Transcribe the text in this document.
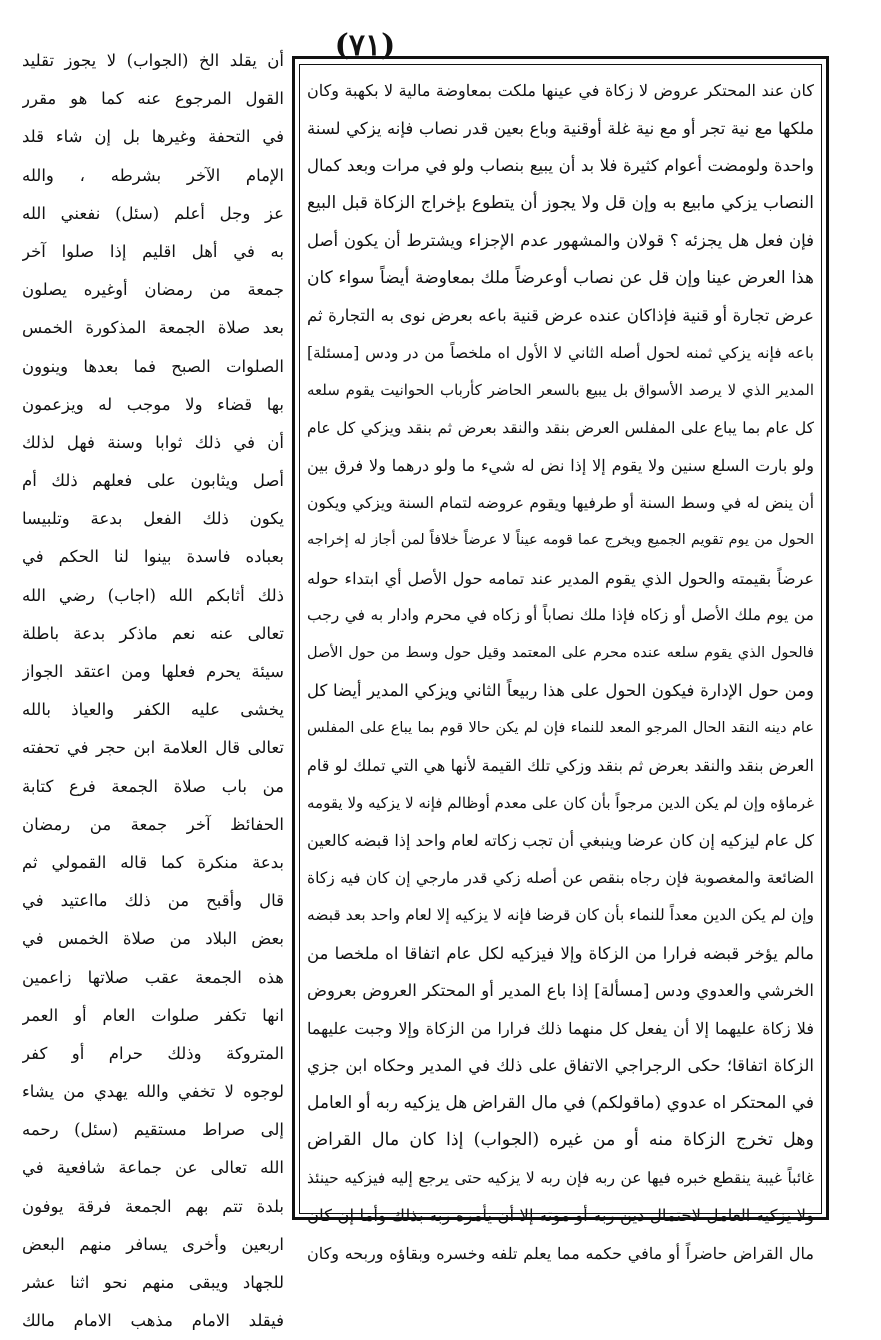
(٧١)
كان عند المحتكر عروض لا زكاة في عينها ملكت بمعاوضة مالية لا بكهبة وكان
ملكها مع نية تجر أو مع نية غلة أوقنية وباع بعين قدر نصاب فإنه يزكي لسنة
واحدة ولومضت أعوام كثيرة فلا بد أن يبيع بنصاب ولو في مرات وبعد كمال
النصاب يزكي مابيع به وإن قل ولا يجوز أن يتطوع بإخراج الزكاة قبل البيع
فإن فعل هل يجزئه ؟ قولان والمشهور عدم الإجزاء ويشترط أن يكون أصل
هذا العرض عينا وإن قل عن نصاب أوعرضاً ملك بمعاوضة أيضاً سواء كان
عرض تجارة أو قنية فإذاكان عنده عرض قنية باعه بعرض نوى به التجارة ثم
باعه فإنه يزكي ثمنه لحول أصله الثاني لا الأول اه ملخصاً من در ودس [مسئلة]
المدير الذي لا يرصد الأسواق بل يبيع بالسعر الحاضر كأرباب الحوانيت يقوم سلعه
كل عام بما يباع على المفلس العرض بنقد والنقد بعرض ثم بنقد ويزكي كل عام
ولو بارت السلع سنين ولا يقوم إلا إذا نض له شيء ما ولو درهما ولا فرق بين
أن ينض له في وسط السنة أو طرفيها ويقوم عروضه لتمام السنة ويزكي ويكون
الحول من يوم تقويم الجميع ويخرج عما قومه عيناً لا عرضاً خلافاً لمن أجاز له إخراجه
عرضاً بقيمته والحول الذي يقوم المدير عند تمامه حول الأصل أي ابتداء حوله
من يوم ملك الأصل أو زكاه فإذا ملك نصاباً أو زكاه في محرم وادار به في رجب
فالحول الذي يقوم سلعه عنده محرم على المعتمد وقيل حول وسط من حول الأصل
ومن حول الإدارة فيكون الحول على هذا ربيعاً الثاني ويزكي المدير أيضا كل
عام دينه النقد الحال المرجو المعد للنماء فإن لم يكن حالا قوم بما يباع على المفلس
العرض بنقد والنقد بعرض ثم بنقد وزكي تلك القيمة لأنها هي التي تملك لو قام
غرماؤه وإن لم يكن الدين مرجواً بأن كان على معدم أوظالم فإنه لا يزكيه ولا يقومه
كل عام ليزكيه إن كان عرضا وينبغي أن تجب زكاته لعام واحد إذا قبضه كالعين
الضائعة والمغصوبة فإن رجاه بنقص عن أصله زكي قدر مارجي إن كان فيه زكاة
وإن لم يكن الدين معداً للنماء بأن كان قرضا فإنه لا يزكيه إلا لعام واحد بعد قبضه
مالم يؤخر قبضه فرارا من الزكاة وإلا فيزكيه لكل عام اتفاقا اه ملخصا من
الخرشي والعدوي ودس [مسألة] إذا باع المدير أو المحتكر العروض بعروض
فلا زكاة عليهما إلا أن يفعل كل منهما ذلك فرارا من الزكاة وإلا وجبت عليهما
الزكاة اتفاقا؛ حكى الرجراجي الاتفاق على ذلك في المدير وحكاه ابن جزي
في المحتكر اه عدوي (ماقولكم) في مال القراض هل يزكيه ربه أو العامل
وهل تخرج الزكاة منه أو من غيره (الجواب) إذا كان مال القراض
غائباً غيبة ينقطع خبره فيها عن ربه فإن ربه لا يزكيه حتى يرجع إليه فيزكيه حينئذ
ولا يزكيه العامل لاحتمال دين ربه أو موته إلا أن يأمره ربه بذلك وأما إن كان
مال القراض حاضراً أو مافي حكمه مما يعلم تلفه وخسره وبقاؤه وربحه وكان
أن يقلد الخ (الجواب) لا يجوز تقليد
القول المرجوع عنه كما هو مقرر
في التحفة وغيرها بل إن شاء قلد
الإمام الآخر بشرطه ، والله
عز وجل أعلم (سئل) نفعني الله
به في أهل اقليم إذا صلوا آخر
جمعة من رمضان أوغيره يصلون
بعد صلاة الجمعة المذكورة الخمس
الصلوات الصبح فما بعدها وينوون
بها قضاء ولا موجب له ويزعمون
أن في ذلك ثوابا وسنة فهل لذلك
أصل ويثابون على فعلهم ذلك أم
يكون ذلك الفعل بدعة وتلبيسا
بعباده فاسدة بينوا لنا الحكم في
ذلك أثابكم الله (اجاب) رضي الله
تعالى عنه نعم ماذكر بدعة باطلة
سيئة يحرم فعلها ومن اعتقد الجواز
يخشى عليه الكفر والعياذ بالله
تعالى قال العلامة ابن حجر في تحفته
من باب صلاة الجمعة فرع كتابة
الحفائظ آخر جمعة من رمضان
بدعة منكرة كما قاله القمولي ثم
قال وأقبح من ذلك مااعتيد في
بعض البلاد من صلاة الخمس في
هذه الجمعة عقب صلاتها زاعمين
انها تكفر صلوات العام أو العمر
المتروكة وذلك حرام أو كفر
لوجوه لا تخفي والله يهدي من يشاء
إلى صراط مستقيم (سئل) رحمه
الله تعالى عن جماعة شافعية في
بلدة تتم بهم الجمعة فرقة يوفون
اربعين وأخرى يسافر منهم البعض
للجهاد ويبقى منهم نحو اثنا عشر
فيقلد الامام مذهب الامام مالك
